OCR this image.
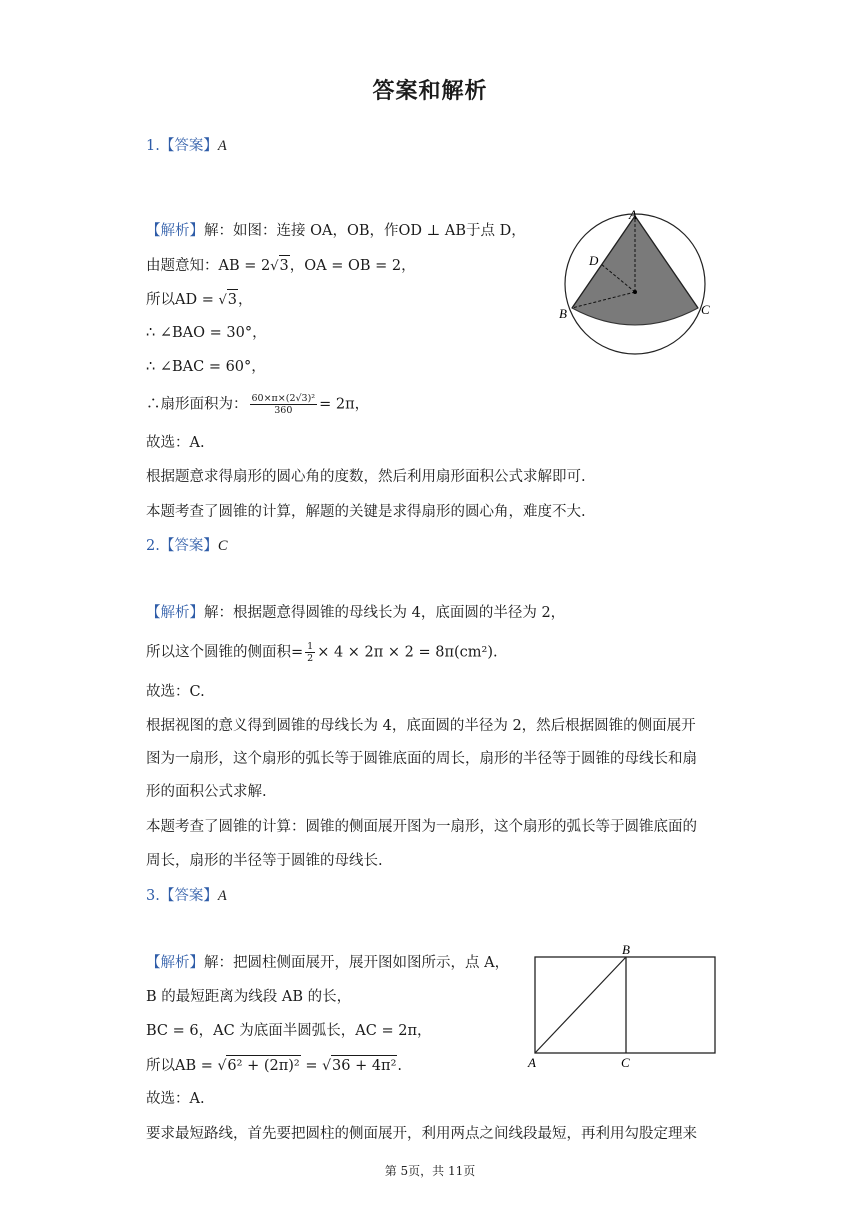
答案和解析
1.【答案】A
【解析】解：如图：连接 OA，OB，作OD ⊥ AB于点 D，
由题意知：AB = 2√3，OA = OB = 2，
所以AD = √3，
∴ ∠BAO = 30°，
∴ ∠BAC = 60°，
∴扇形面积为： $\frac{\text{60×π×(2√3)²}}{360} = 2\pi$，
故选：A.
根据题意求得扇形的圆心角的度数，然后利用扇形面积公式求解即可.
本题考查了圆锥的计算，解题的关键是求得扇形的圆心角，难度不大.
A
D
B	C
2.【答案】C
【解析】解：根据题意得圆锥的母线长为 4，底面圆的半径为 2，
所以这个圆锥的侧面积= $\frac{1}{2} \times 4 \times 2\pi \times 2 = 8\pi(cm^2)$.
故选：C.
根据视图的意义得到圆锥的母线长为 4，底面圆的半径为 2，然后根据圆锥的侧面展开
图为一扇形，这个扇形的弧长等于圆锥底面的周长，扇形的半径等于圆锥的母线长和扇
形的面积公式求解.
本题考查了圆锥的计算：圆锥的侧面展开图为一扇形，这个扇形的弧长等于圆锥底面的
周长，扇形的半径等于圆锥的母线长.
3.【答案】A
【解析】解：把圆柱侧面展开，展开图如图所示，点 A，
B 的最短距离为线段 AB 的长，
BC = 6，AC 为底面半圆弧长，AC = 2π，
所以AB = √6² + (2π)² = √36 + 4π².
故选：A.
要求最短路线，首先要把圆柱的侧面展开，利用两点之间线段最短，再利用勾股定理来
B
A	C
第 5页，共 11页
